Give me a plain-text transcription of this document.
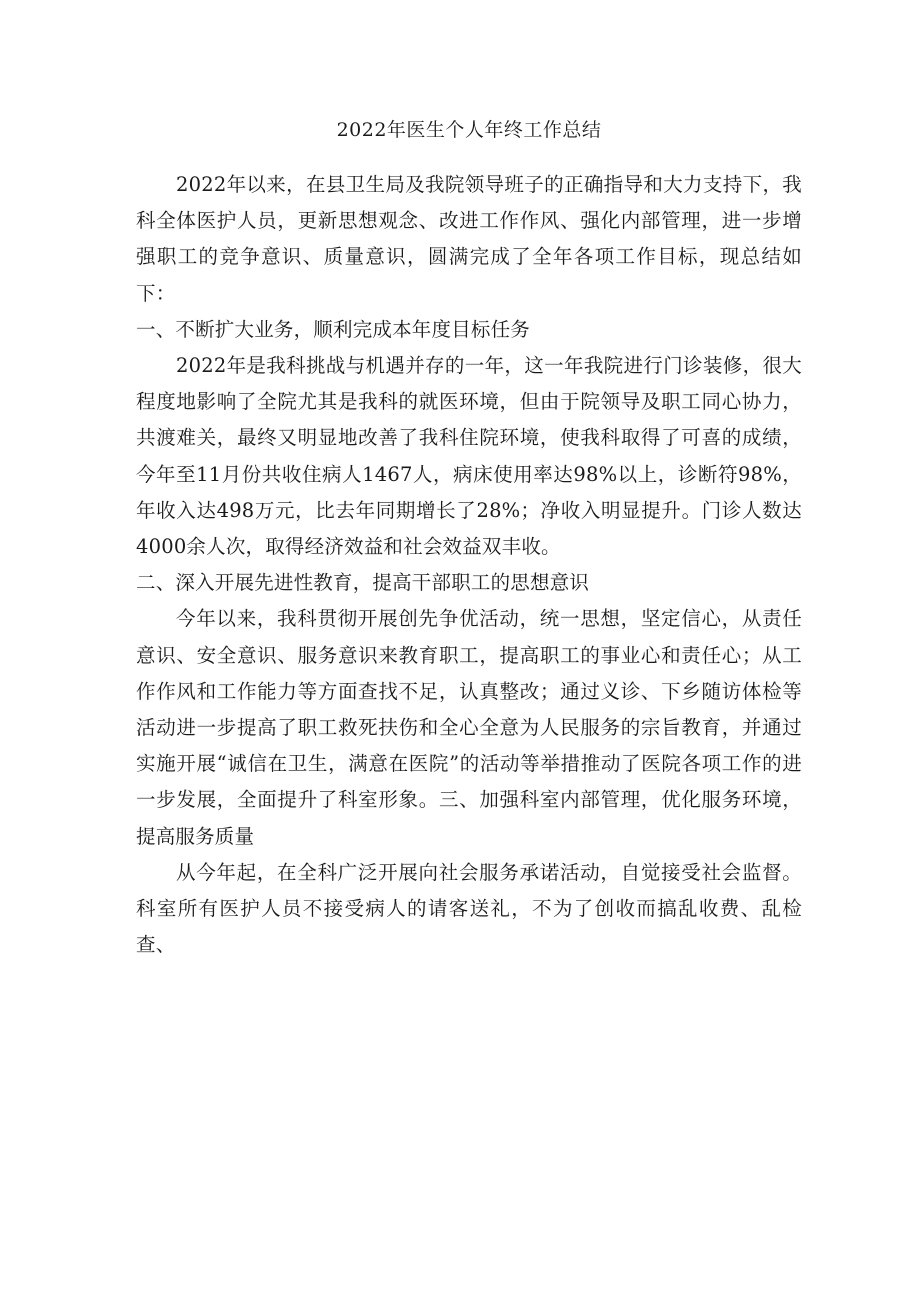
2022年医生个人年终工作总结

2022年以来，在县卫生局及我院领导班子的正确指导和大力支持下，我科全体医护人员，更新思想观念、改进工作作风、强化内部管理，进一步增强职工的竞争意识、质量意识，圆满完成了全年各项工作目标，现总结如下：

一、不断扩大业务，顺利完成本年度目标任务

2022年是我科挑战与机遇并存的一年，这一年我院进行门诊装修，很大程度地影响了全院尤其是我科的就医环境，但由于院领导及职工同心协力，共渡难关，最终又明显地改善了我科住院环境，使我科取得了可喜的成绩，今年至11月份共收住病人1467人，病床使用率达98%以上，诊断符98%，年收入达498万元，比去年同期增长了28%；净收入明显提升。门诊人数达4000余人次，取得经济效益和社会效益双丰收。

二、深入开展先进性教育，提高干部职工的思想意识

今年以来，我科贯彻开展创先争优活动，统一思想，坚定信心，从责任意识、安全意识、服务意识来教育职工，提高职工的事业心和责任心；从工作作风和工作能力等方面查找不足，认真整改；通过义诊、下乡随访体检等活动进一步提高了职工救死扶伤和全心全意为人民服务的宗旨教育，并通过实施开展“诚信在卫生，满意在医院”的活动等举措推动了医院各项工作的进一步发展，全面提升了科室形象。三、加强科室内部管理，优化服务环境，提高服务质量

从今年起，在全科广泛开展向社会服务承诺活动，自觉接受社会监督。科室所有医护人员不接受病人的请客送礼，不为了创收而搞乱收费、乱检查、
